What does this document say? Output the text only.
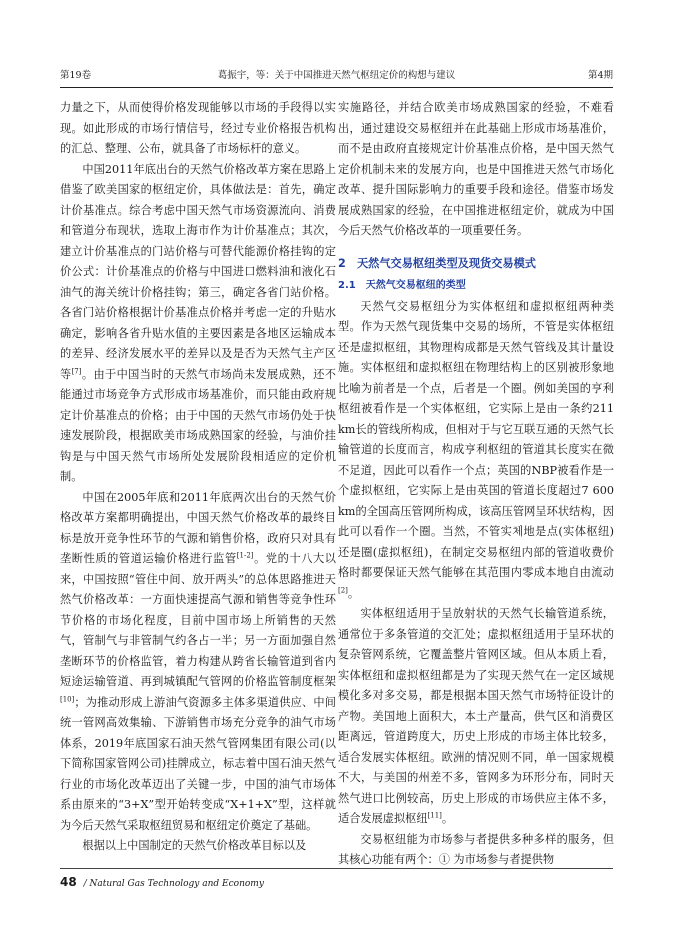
第19卷	葛振宇，等：关于中国推进天然气枢纽定价的构想与建议	第4期

力量之下，从而使得价格发现能够以市场的手段得以实现。如此形成的市场行情信号，经过专业价格报告机构的汇总、整理、公布，就具备了市场标杆的意义。

中国2011年底出台的天然气价格改革方案在思路上借鉴了欧美国家的枢纽定价，具体做法是：首先，确定计价基准点。综合考虑中国天然气市场资源流向、消费和管道分布现状，选取上海市作为计价基准点；其次，建立计价基准点的门站价格与可替代能源价格挂钩的定价公式：计价基准点的价格与中国进口燃料油和液化石油气的海关统计价格挂钩；第三，确定各省门站价格。各省门站价格根据计价基准点价格并考虑一定的升贴水确定，影响各省升贴水值的主要因素是各地区运输成本的差异、经济发展水平的差异以及是否为天然气主产区等[7]。由于中国当时的天然气市场尚未发展成熟，还不能通过市场竞争方式形成市场基准价，而只能由政府规定计价基准点的价格；由于中国的天然气市场仍处于快速发展阶段，根据欧美市场成熟国家的经验，与油价挂钩是与中国天然气市场所处发展阶段相适应的定价机制。

中国在2005年底和2011年底两次出台的天然气价格改革方案都明确提出，中国天然气价格改革的最终目标是放开竞争性环节的气源和销售价格，政府只对具有垄断性质的管道运输价格进行监管[1-2]。党的十八大以来，中国按照“管住中间、放开两头”的总体思路推进天然气价格改革：一方面快速提高气源和销售等竞争性环节价格的市场化程度，目前中国市场上所销售的天然气，管制气与非管制气约各占一半；另一方面加强自然垄断环节的价格监管，着力构建从跨省长输管道到省内短途运输管道、再到城镇配气管网的价格监管制度框架[10]；为推动形成上游油气资源多主体多渠道供应、中间统一管网高效集输、下游销售市场充分竞争的油气市场体系，2019年底国家石油天然气管网集团有限公司(以下简称国家管网公司)挂牌成立，标志着中国石油天然气行业的市场化改革迈出了关键一步，中国的油气市场体系由原来的“3+X”型开始转变成“X+1+X”型，这样就为今后天然气采取枢纽贸易和枢纽定价奠定了基础。

根据以上中国制定的天然气价格改革目标以及

实施路径，并结合欧美市场成熟国家的经验，不难看出，通过建设交易枢纽并在此基础上形成市场基准价，而不是由政府直接规定计价基准点价格，是中国天然气定价机制未来的发展方向，也是中国推进天然气市场化改革、提升国际影响力的重要手段和途径。借鉴市场发展成熟国家的经验，在中国推进枢纽定价，就成为中国今后天然气价格改革的一项重要任务。

2　天然气交易枢纽类型及现货交易模式
2.1　天然气交易枢纽的类型

天然气交易枢纽分为实体枢纽和虚拟枢纽两种类型。作为天然气现货集中交易的场所，不管是实体枢纽还是虚拟枢纽，其物理构成都是天然气管线及其计量设施。实体枢纽和虚拟枢纽在物理结构上的区别被形象地比喻为前者是一个点，后者是一个圈。例如美国的亨利枢纽被看作是一个实体枢纽，它实际上是由一条约211 km长的管线所构成，但相对于与它互联互通的天然气长输管道的长度而言，构成亨利枢纽的管道其长度实在微不足道，因此可以看作一个点；英国的NBP被看作是一个虚拟枢纽，它实际上是由英国的管道长度超过7 600 km的全国高压管网所构成，该高压管网呈环状结构，因此可以看作一个圈。当然，不管实체地是点(实体枢纽)还是圈(虚拟枢纽)，在制定交易枢纽内部的管道收费价格时都要保证天然气能够在其范围内零成本地自由流动[2]。

实体枢纽适用于呈放射状的天然气长输管道系统，通常位于多条管道的交汇处；虚拟枢纽适用于呈环状的复杂管网系统，它覆盖整片管网区域。但从本质上看，实体枢纽和虚拟枢纽都是为了实现天然气在一定区域规模化多对多交易，都是根据本国天然气市场特征设计的产物。美国地上面积大，本土产量高，供气区和消费区距离远，管道跨度大，历史上形成的市场主体比较多，适合发展实体枢纽。欧洲的情况则不同，单一国家规模不大，与美国的州差不多，管网多为环形分布，同时天然气进口比例较高，历史上形成的市场供应主体不多，适合发展虚拟枢纽[11]。

交易枢纽能为市场参与者提供多种多样的服务，但其核心功能有两个：① 为市场参与者提供物

48 / Natural Gas Technology and Economy
